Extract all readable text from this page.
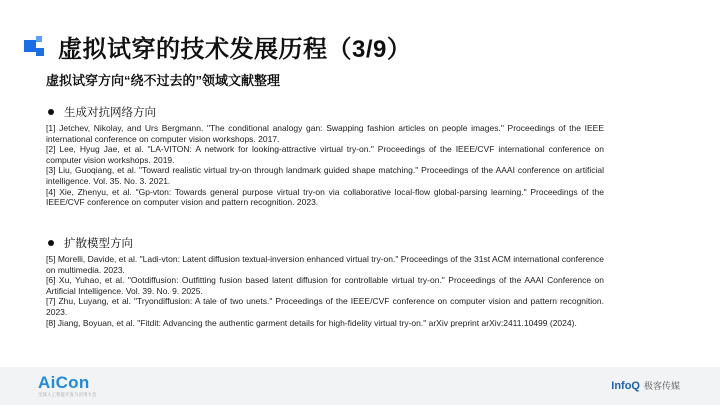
虚拟试穿的技术发展历程（3/9）
虚拟试穿方向“绕不过去的”领域文献整理
生成对抗网络方向
[1] Jetchev, Nikolay, and Urs Bergmann. "The conditional analogy gan: Swapping fashion articles on people images." Proceedings of the IEEE international conference on computer vision workshops. 2017.
[2] Lee, Hyug Jae, et al. "LA-VITON: A network for looking-attractive virtual try-on." Proceedings of the IEEE/CVF international conference on computer vision workshops. 2019.
[3] Liu, Guoqiang, et al. "Toward realistic virtual try-on through landmark guided shape matching." Proceedings of the AAAI conference on artificial intelligence. Vol. 35. No. 3. 2021.
[4] Xie, Zhenyu, et al. "Gp-vton: Towards general purpose virtual try-on via collaborative local-flow global-parsing learning." Proceedings of the IEEE/CVF conference on computer vision and pattern recognition. 2023.
扩散模型方向
[5] Morelli, Davide, et al. "Ladi-vton: Latent diffusion textual-inversion enhanced virtual try-on." Proceedings of the 31st ACM international conference on multimedia. 2023.
[6] Xu, Yuhao, et al. "Ootdiffusion: Outfitting fusion based latent diffusion for controllable virtual try-on." Proceedings of the AAAI Conference on Artificial Intelligence. Vol. 39. No. 9. 2025.
[7] Zhu, Luyang, et al. "Tryondiffusion: A tale of two unets." Proceedings of the IEEE/CVF conference on computer vision and pattern recognition. 2023.
[8] Jiang, Boyuan, et al. "Fitdit: Advancing the authentic garment details for high-fidelity virtual try-on." arXiv preprint arXiv:2411.10499 (2024).
AiCon
全球人工智能开发与应用大会
InfoQ 极客传媒
